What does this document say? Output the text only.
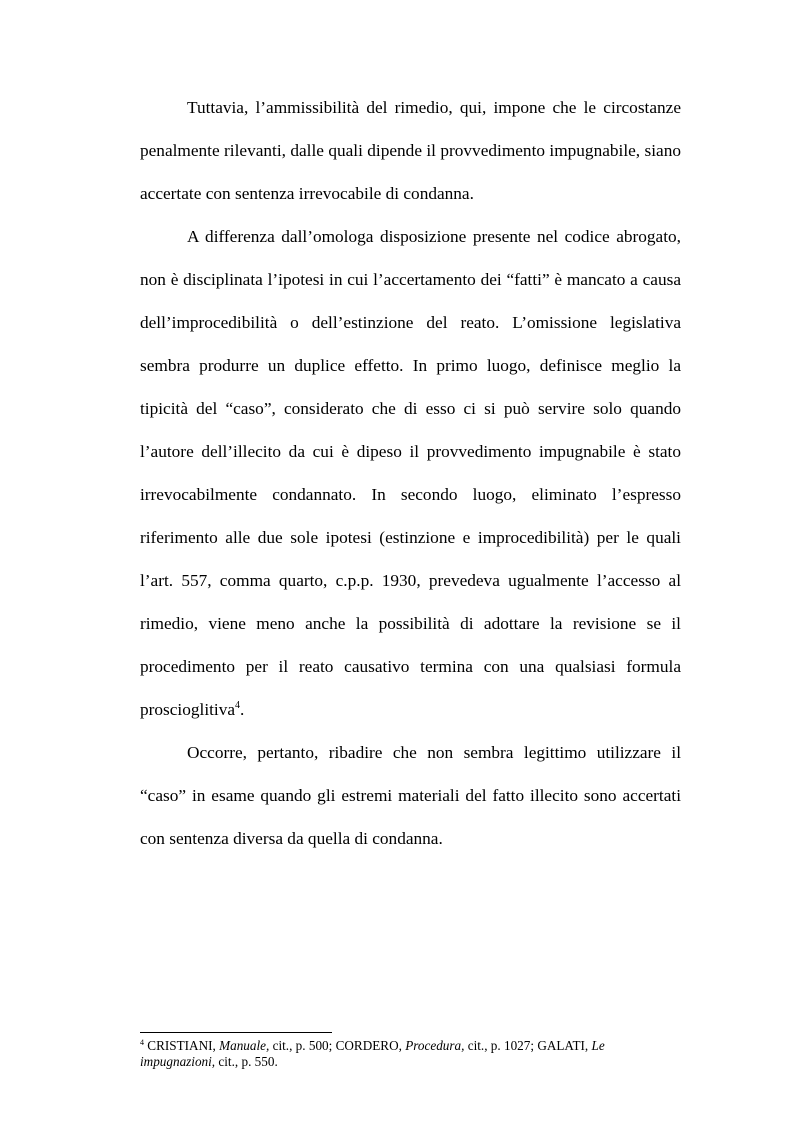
Tuttavia, l’ammissibilità del rimedio, qui, impone che le circostanze penalmente rilevanti, dalle quali dipende il provvedimento impugnabile, siano accertate con sentenza irrevocabile di condanna.

A differenza dall’omologa disposizione presente nel codice abrogato, non è disciplinata l’ipotesi in cui l’accertamento dei “fatti” è mancato a causa dell’improcedibilità o dell’estinzione del reato. L’omissione legislativa sembra produrre un duplice effetto. In primo luogo, definisce meglio la tipicità del “caso”, considerato che di esso ci si può servire solo quando l’autore dell’illecito da cui è dipeso il provvedimento impugnabile è stato irrevocabilmente condannato. In secondo luogo, eliminato l’espresso riferimento alle due sole ipotesi (estinzione e improcedibilità) per le quali l’art. 557, comma quarto, c.p.p. 1930, prevedeva ugualmente l’accesso al rimedio, viene meno anche la possibilità di adottare la revisione se il procedimento per il reato causativo termina con una qualsiasi formula proscioglitiva$^4$.

Occorre, pertanto, ribadire che non sembra legittimo utilizzare il “caso” in esame quando gli estremi materiali del fatto illecito sono accertati con sentenza diversa da quella di condanna.

$^4$ CRISTIANI, Manuale, cit., p. 500; CORDERO, Procedura, cit., p. 1027; GALATI, Le impugnazioni, cit., p. 550.
